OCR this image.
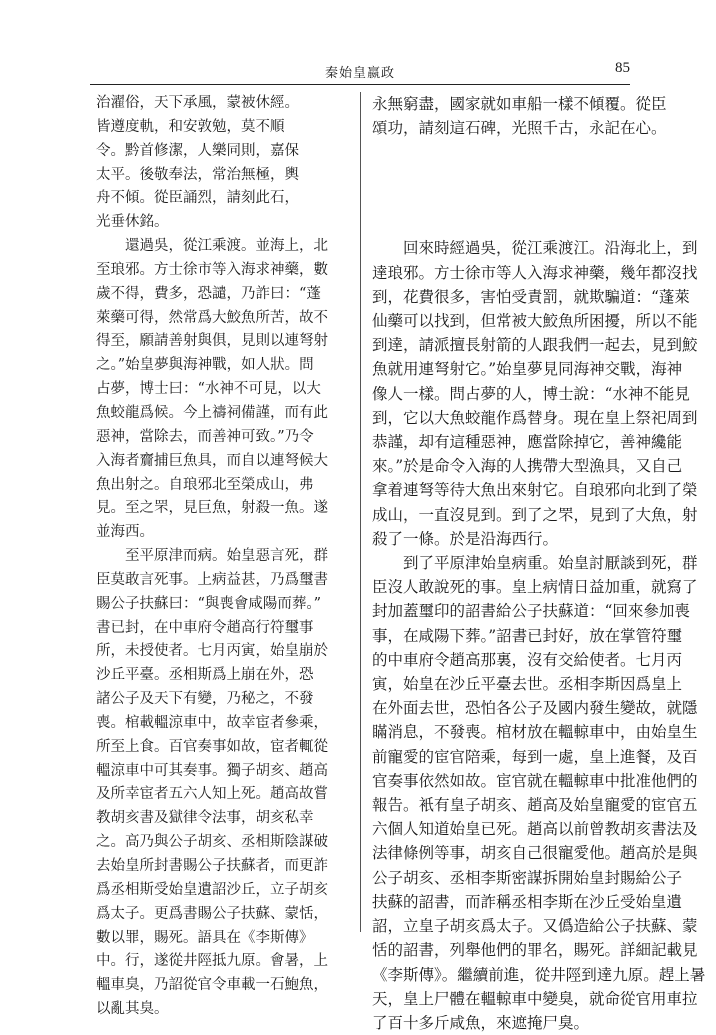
秦始皇嬴政	85

治濯俗，天下承風，蒙被休經。
皆遵度軌，和安敦勉，莫不順
令。黔首修潔，人樂同則，嘉保
太平。後敬奉法，常治無極，輿
舟不傾。從臣誦烈，請刻此石，
光垂休銘。

　　還過吳，從江乘渡。並海上，北
至琅邪。方士徐市等入海求神藥，數
歲不得，費多，恐譴，乃詐曰：“蓬
萊藥可得，然常爲大鮫魚所苦，故不
得至，願請善射與俱，見則以連弩射
之。”始皇夢與海神戰，如人狀。問
占夢，博士曰：“水神不可見，以大
魚蛟龍爲候。今上禱祠備謹，而有此
惡神，當除去，而善神可致。”乃令
入海者齎捕巨魚具，而自以連弩候大
魚出射之。自琅邪北至榮成山，弗
見。至之罘，見巨魚，射殺一魚。遂
並海西。

　　至平原津而病。始皇惡言死，群
臣莫敢言死事。上病益甚，乃爲璽書
賜公子扶蘇曰：“與喪會咸陽而葬。”
書已封，在中車府令趙高行符璽事
所，未授使者。七月丙寅，始皇崩於
沙丘平臺。丞相斯爲上崩在外，恐
諸公子及天下有變，乃秘之，不發
喪。棺載轀涼車中，故幸宦者參乘，
所至上食。百官奏事如故，宦者輒從
轀涼車中可其奏事。獨子胡亥、趙高
及所幸宦者五六人知上死。趙高故嘗
教胡亥書及獄律令法事，胡亥私幸
之。高乃與公子胡亥、丞相斯陰謀破
去始皇所封書賜公子扶蘇者，而更詐
爲丞相斯受始皇遺詔沙丘，立子胡亥
爲太子。更爲書賜公子扶蘇、蒙恬，
數以罪，賜死。語具在《李斯傳》
中。行，遂從井陘抵九原。會暑，上
轀車臭，乃詔從官令車載一石鮑魚，
以亂其臭。

永無窮盡，國家就如車船一樣不傾覆。從臣
頌功，請刻這石碑，光照千古，永記在心。

　　回來時經過吳，從江乘渡江。沿海北上，到
達琅邪。方士徐市等人入海求神藥，幾年都沒找
到，花費很多，害怕受責罰，就欺騙道：“蓬萊
仙藥可以找到，但常被大鮫魚所困擾，所以不能
到達，請派擅長射箭的人跟我們一起去，見到鮫
魚就用連弩射它。”始皇夢見同海神交戰，海神
像人一樣。問占夢的人，博士說：“水神不能見
到，它以大魚蛟龍作爲替身。現在皇上祭祀周到
恭謹，却有這種惡神，應當除掉它，善神纔能
來。”於是命令入海的人携帶大型漁具，又自己
拿着連弩等待大魚出來射它。自琅邪向北到了榮
成山，一直沒見到。到了之罘，見到了大魚，射
殺了一條。於是沿海西行。

　　到了平原津始皇病重。始皇討厭談到死，群
臣沒人敢說死的事。皇上病情日益加重，就寫了
封加蓋璽印的詔書給公子扶蘇道：“回來參加喪
事，在咸陽下葬。”詔書已封好，放在掌管符璽
的中車府令趙高那裏，沒有交給使者。七月丙
寅，始皇在沙丘平臺去世。丞相李斯因爲皇上
在外面去世，恐怕各公子及國内發生變故，就隱
瞞消息，不發喪。棺材放在轀輬車中，由始皇生
前寵愛的宦官陪乘，每到一處，皇上進餐，及百
官奏事依然如故。宦官就在轀輬車中批准他們的
報告。衹有皇子胡亥、趙高及始皇寵愛的宦官五
六個人知道始皇已死。趙高以前曾教胡亥書法及
法律條例等事，胡亥自己很寵愛他。趙高於是與
公子胡亥、丞相李斯密謀拆開始皇封賜給公子
扶蘇的詔書，而詐稱丞相李斯在沙丘受始皇遺
詔，立皇子胡亥爲太子。又僞造給公子扶蘇、蒙
恬的詔書，列舉他們的罪名，賜死。詳細記載見
《李斯傳》。繼續前進，從井陘到達九原。趕上暑
天，皇上尸體在轀輬車中變臭，就命從官用車拉
了百十多斤咸魚，來遮掩尸臭。
